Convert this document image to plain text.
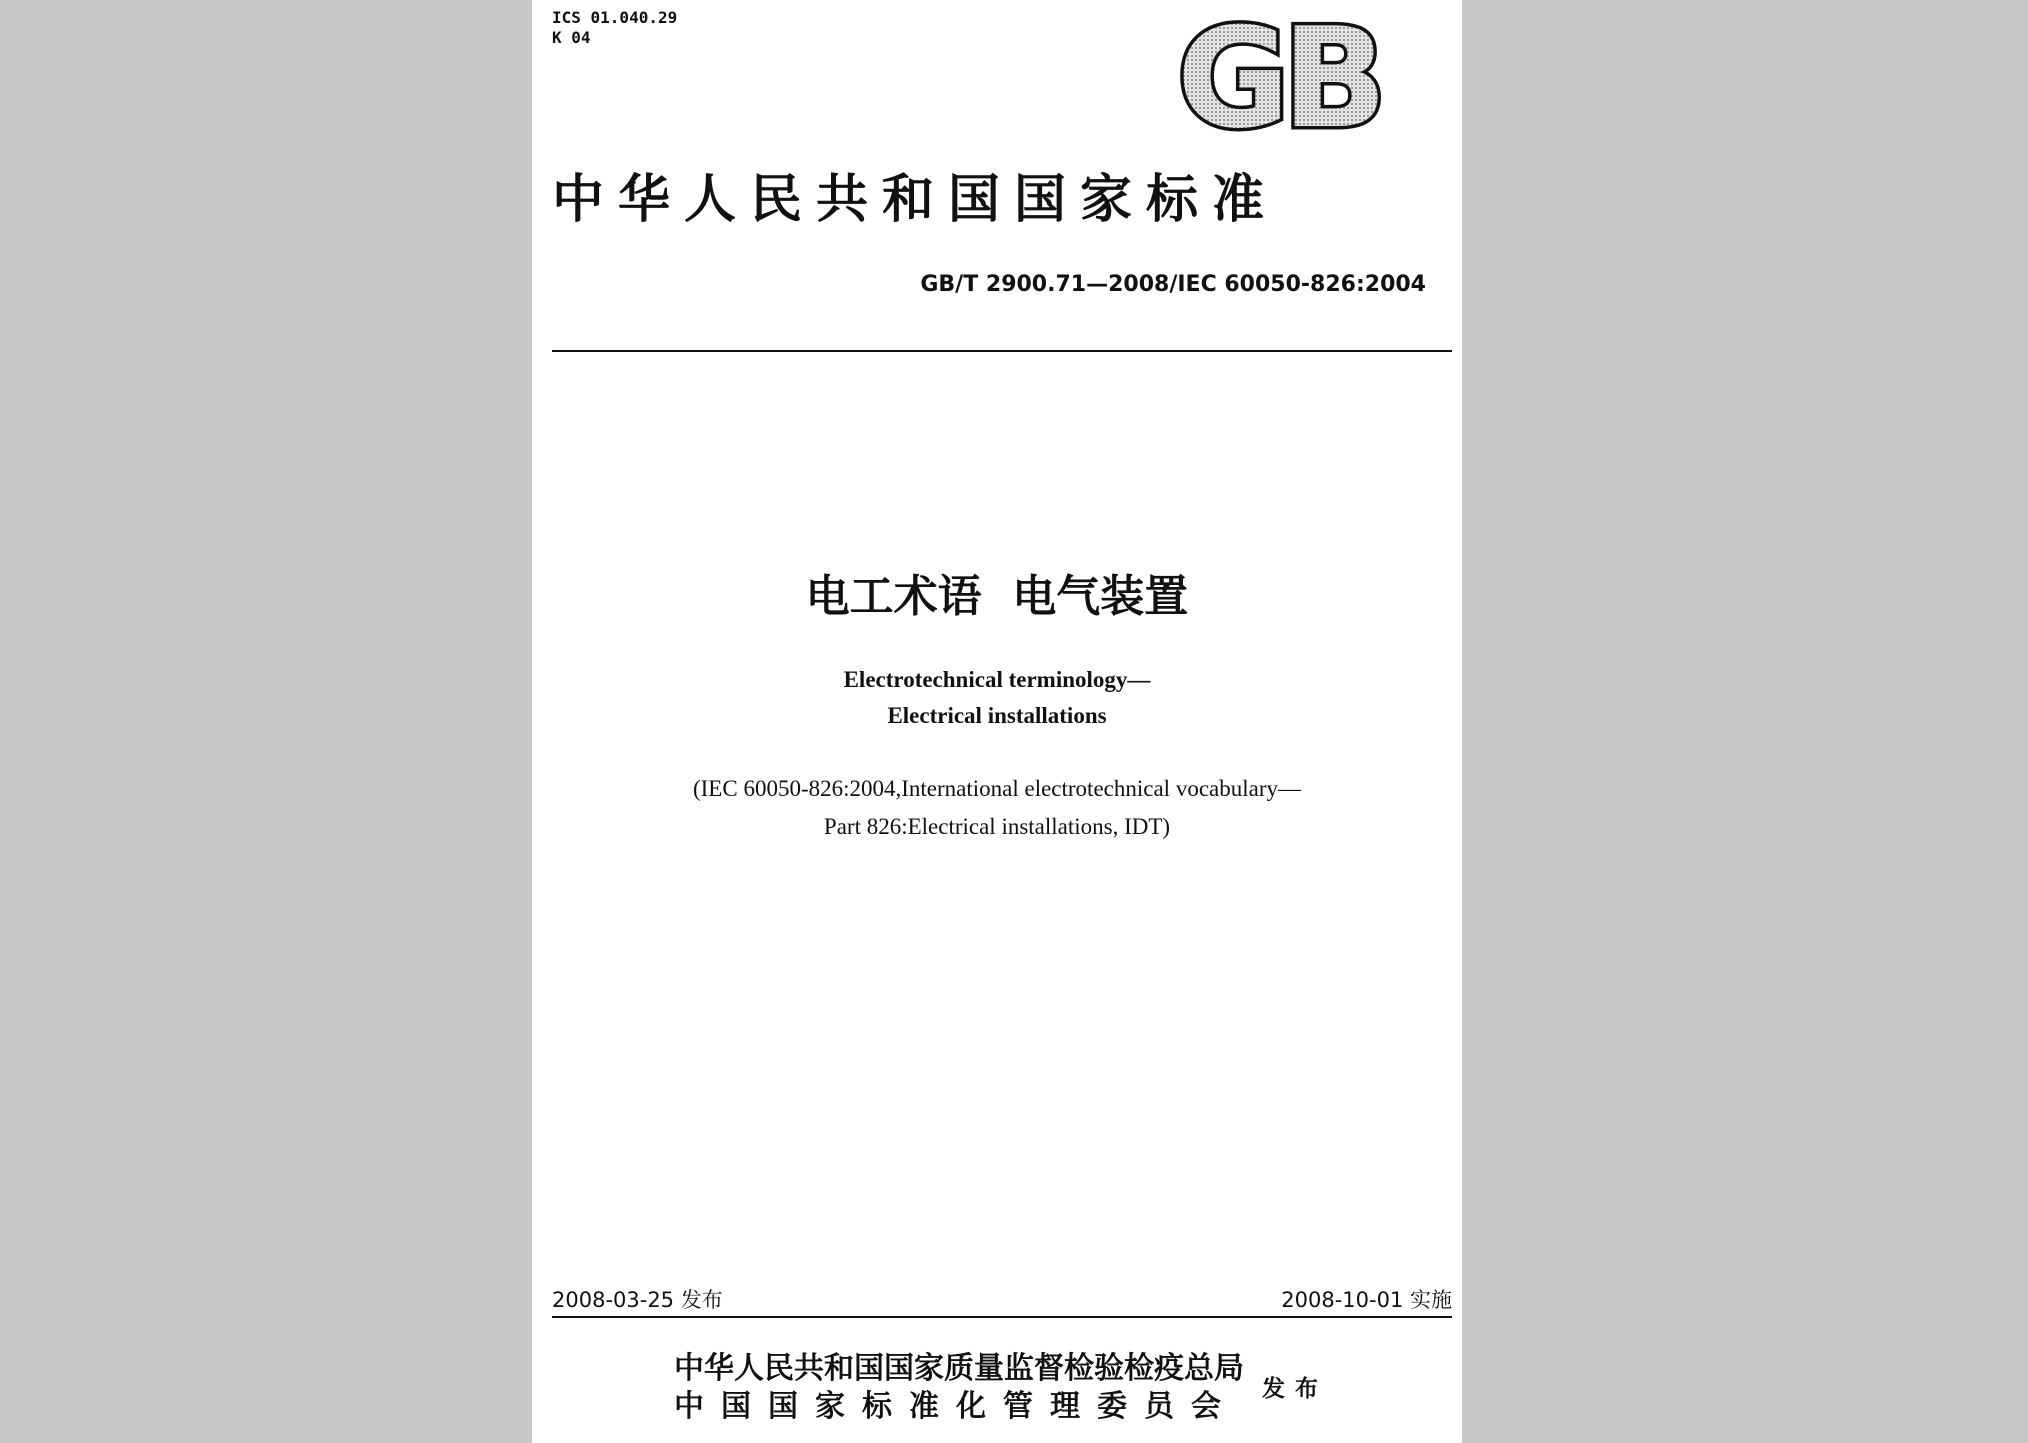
ICS 01.040.29
K 04	GB
中华人民共和国国家标准
GB/T 2900.71—2008/IEC 60050-826:2004
电工术语  电气装置
Electrotechnical terminology—
Electrical installations
(IEC 60050-826:2004,International electrotechnical vocabulary—
Part 826:Electrical installations, IDT)
2008-03-25 发布	2008-10-01 实施
中华人民共和国国家质量监督检验检疫总局
中国国家标准化管理委员会
发布
